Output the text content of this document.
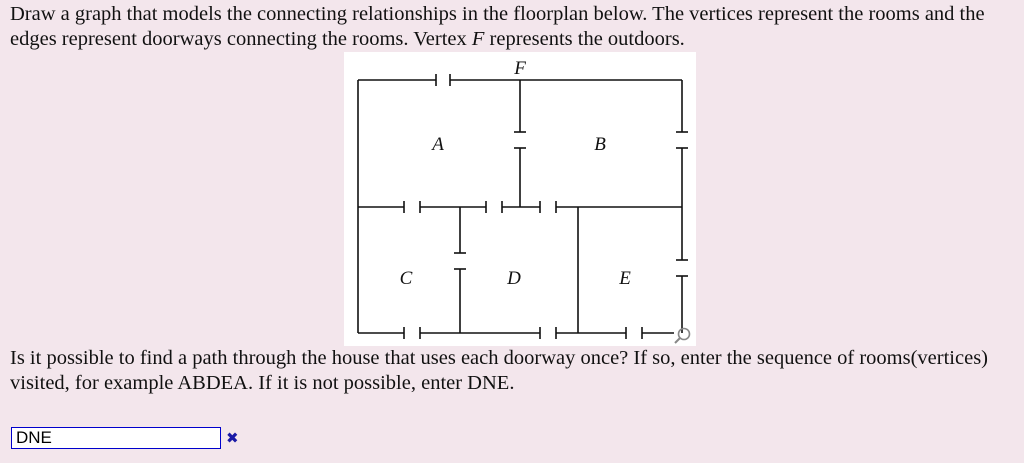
Draw a graph that models the connecting relationships in the floorplan below. The vertices represent the rooms and the edges represent doorways connecting the rooms. Vertex F represents the outdoors.

F
A	B
C	D	E

Is it possible to find a path through the house that uses each doorway once? If so, enter the sequence of rooms(vertices) visited, for example ABDEA. If it is not possible, enter DNE.

DNE
✖
